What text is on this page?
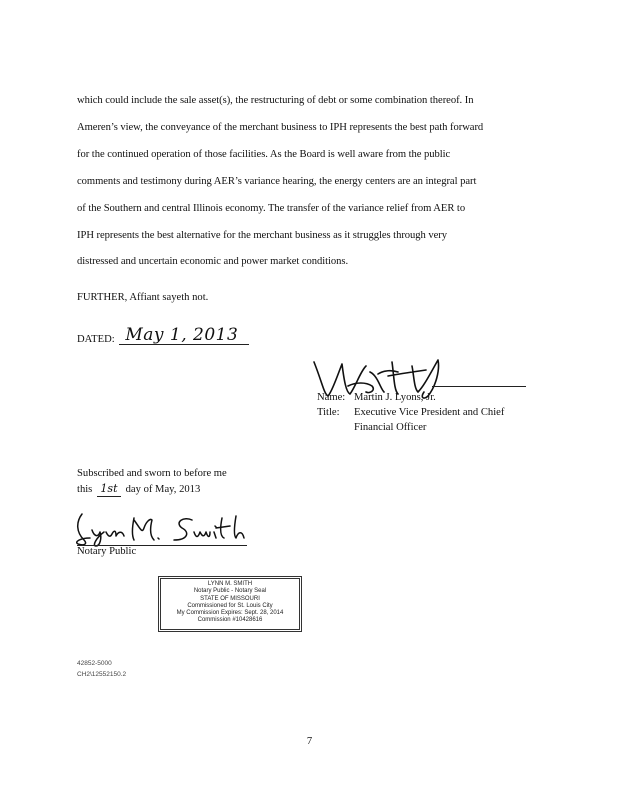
which could include the sale asset(s), the restructuring of debt or some combination thereof. In
Ameren’s view, the conveyance of the merchant business to IPH represents the best path forward
for the continued operation of those facilities. As the Board is well aware from the public
comments and testimony during AER’s variance hearing, the energy centers are an integral part
of the Southern and central Illinois economy. The transfer of the variance relief from AER to
IPH represents the best alternative for the merchant business as it struggles through very
distressed and uncertain economic and power market conditions.
FURTHER, Affiant sayeth not.
DATED: May 1, 2013
Name: Martin J. Lyons, Jr.
Title: Executive Vice President and Chief
Financial Officer
Subscribed and sworn to before me
this 1st day of May, 2013
Notary Public
LYNN M. SMITH
Notary Public - Notary Seal
STATE OF MISSOURI
Commissioned for St. Louis City
My Commission Expires: Sept. 28, 2014
Commission #10428616
42852-5000
CH2\12552150.2
7
